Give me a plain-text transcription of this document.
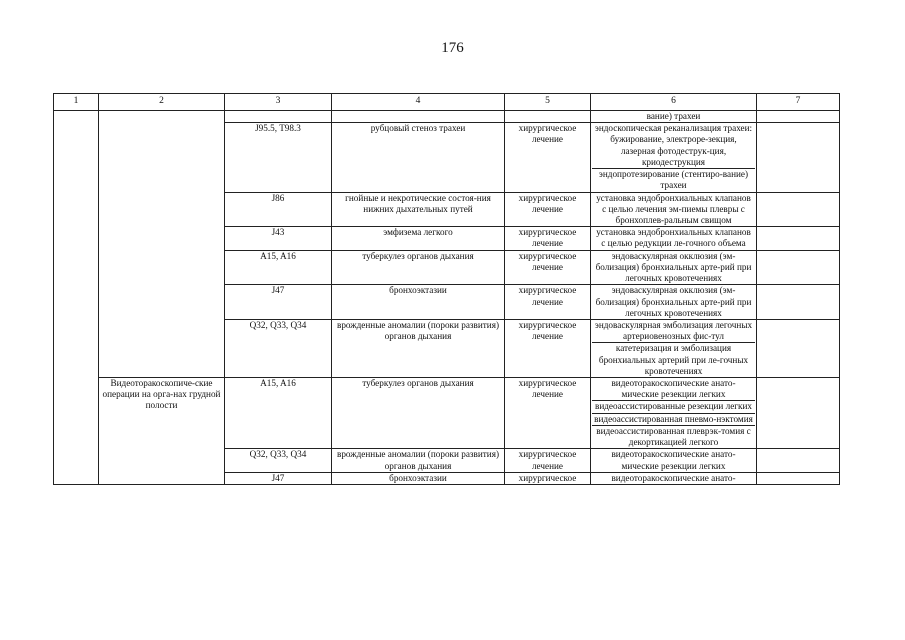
176
1	2	3	4	5	6	7

					вание) трахеи	

		J95.5, T98.3	рубцовый стеноз трахеи	хирургическое лечение	эндоскопическая реканализация трахеи: бужирование, электроре-зекция, лазерная фотодеструк-ция, криодеструкция
эндопротезирование (стентиро-вание) трахеи	

		J86	гнойные и некротические состоя-ния нижних дыхательных путей	хирургическое лечение	установка эндобронхиальных клапанов с целью лечения эм-пиемы плевры с бронхоплев-ральным свищом	

		J43	эмфизема легкого	хирургическое лечение	установка эндобронхиальных клапанов с целью редукции ле-гочного объема	

		A15, A16	туберкулез органов дыхания	хирургическое лечение	эндоваскулярная окклюзия (эм-болизация) бронхиальных арте-рий при легочных кровотечениях	

		J47	бронхоэктазии	хирургическое лечение	эндоваскулярная окклюзия (эм-болизация) бронхиальных арте-рий при легочных кровотечениях	

		Q32, Q33, Q34	врожденные аномалии (пороки развития) органов дыхания	хирургическое лечение	эндоваскулярная эмболизация легочных артериовенозных фис-тул
катетеризация и эмболизация бронхиальных артерий при ле-гочных кровотечениях	

	Видеоторакоскопиче-ские операции на орга-нах грудной полости	A15, A16	туберкулез органов дыхания	хирургическое лечение	видеоторакоскопические анато-мические резекции легких
видеоассистированные резекции легких
видеоассистированная пневмо-нэктомия
видеоассистированная плеврэк-томия с декортикацией легкого	

		Q32, Q33, Q34	врожденные аномалии (пороки развития) органов дыхания	хирургическое лечение	видеоторакоскопические анато-мические резекции легких	

		J47	бронхоэктазии	хирургическое	видеоторакоскопические анато-	
